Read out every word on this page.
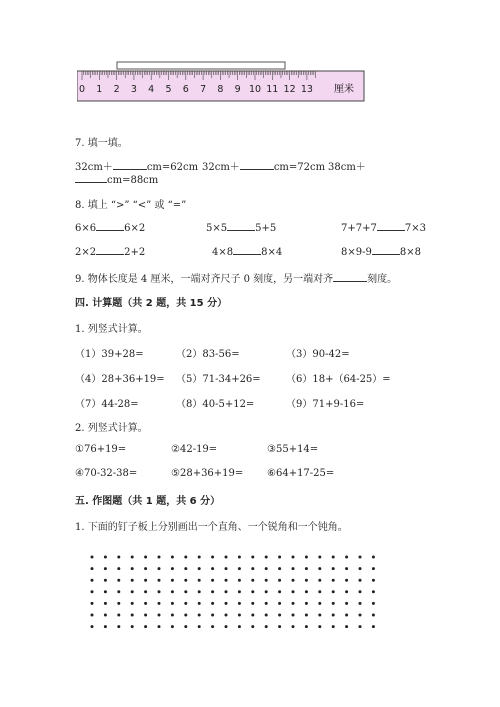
0 1 2 3 4 5 6 7 8 9 10 11 12 13 厘米
7. 填一填。
32cm＋	cm=62cm 32cm＋	cm=72cm 38cm＋
cm=88cm
8. 填上 “>” “<” 或 “=”
6×6	6×2	5×5	5+5	7+7+7	7×3
2×2	2+2	4×8	8×4	8×9-9	8×8
9. 物体长度是 4 厘米，一端对齐尺子 0 刻度，另一端对齐	刻度。
四. 计算题（共 2 题，共 15 分）
1. 列竖式计算。
（1）39+28=	（2）83-56=	（3）90-42=
（4）28+36+19= （5）71-34+26=	（6）18+（64-25）=
（7）44-28=	（8）40-5+12=	（9）71+9-16=
2. 列竖式计算。
①76+19=	②42-19=	③55+14=
④70-32-38=	⑤28+36+19= ⑥64+17-25=
五. 作图题（共 1 题，共 6 分）
1. 下面的钉子板上分别画出一个直角、一个锐角和一个钝角。
